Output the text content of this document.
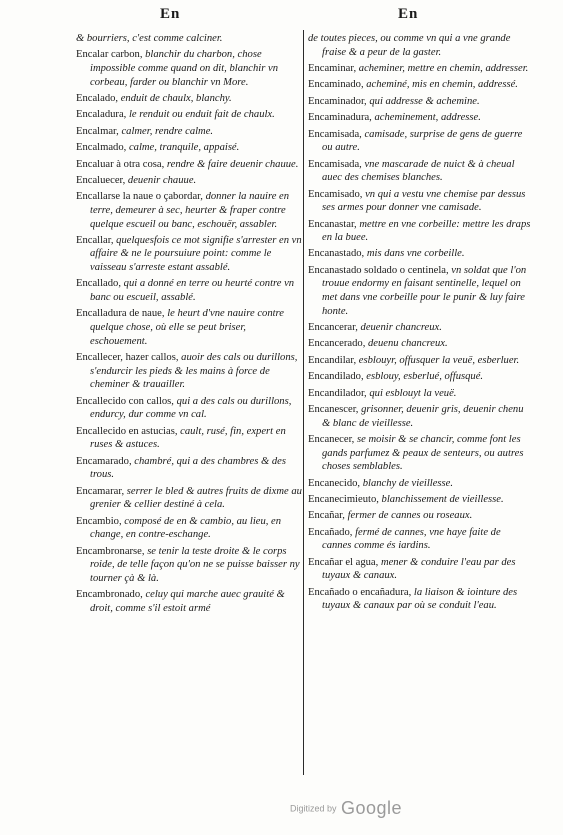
En	En

& bourriers, c'est comme calciner.

Encalar carbon, blanchir du charbon, chose impossible comme quand on dit, blanchir vn corbeau, farder ou blanchir vn More.

Encalado, enduit de chaulx, blanchy.

Encaladura, le renduit ou enduit fait de chaulx.

Encalmar, calmer, rendre calme.

Encalmado, calme, tranquile, appaisé.

Encaluar à otra cosa, rendre & faire deuenir chauue.

Encaluecer, deuenir chauue.

Encallarse la naue o çabordar, donner la nauire en terre, demeurer à sec, heurter & fraper contre quelque escueil ou banc, eschouër, assabler.

Encallar, quelquesfois ce mot signifie s'arrester en vn affaire & ne le poursuiure point: comme le vaisseau s'arreste estant assablé.

Encallado, qui a donné en terre ou heurté contre vn banc ou escueil, assablé.

Encalladura de naue, le heurt d'vne nauire contre quelque chose, où elle se peut briser, eschouement.

Encallecer, hazer callos, auoir des cals ou durillons, s'endurcir les pieds & les mains à force de cheminer & trauailler.

Encallecido con callos, qui a des cals ou durillons, endurcy, dur comme vn cal.

Encallecido en astucias, cault, rusé, fin, expert en ruses & astuces.

Encamarado, chambré, qui a des chambres & des trous.

Encamarar, serrer le bled & autres fruits de dixme au grenier & cellier destiné à cela.

Encambio, composé de en & cambio, au lieu, en change, en contre-eschange.

Encambronarse, se tenir la teste droite & le corps roide, de telle façon qu'on ne se puisse baisser ny tourner çà & là.

Encambronado, celuy qui marche auec grauité & droit, comme s'il estoit armé

de toutes pieces, ou comme vn qui a vne grande fraise & a peur de la gaster.

Encaminar, acheminer, mettre en chemin, addresser.

Encaminado, acheminé, mis en chemin, addressé.

Encaminador, qui addresse & achemine.

Encaminadura, acheminement, addresse.

Encamisada, camisade, surprise de gens de guerre ou autre.

Encamisada, vne mascarade de nuict & à cheual auec des chemises blanches.

Encamisado, vn qui a vestu vne chemise par dessus ses armes pour donner vne camisade.

Encanastar, mettre en vne corbeille: mettre les draps en la buee.

Encanastado, mis dans vne corbeille.

Encanastado soldado o centinela, vn soldat que l'on trouue endormy en faisant sentinelle, lequel on met dans vne corbeille pour le punir & luy faire honte.

Encancerar, deuenir chancreux.

Encancerado, deuenu chancreux.

Encandilar, esblouyr, offusquer la veuë, esberluer.

Encandilado, esblouy, esberlué, offusqué.

Encandilador, qui esblouyt la veuë.

Encanescer, grisonner, deuenir gris, deuenir chenu & blanc de vieillesse.

Encanecer, se moisir & se chancir, comme font les gands parfumez & peaux de senteurs, ou autres choses semblables.

Encanecido, blanchy de vieillesse.

Encanecimieuto, blanchissement de vieillesse.

Encañar, fermer de cannes ou roseaux.

Encañado, fermé de cannes, vne haye faite de cannes comme és iardins.

Encañar el agua, mener & conduire l'eau par des tuyaux & canaux.

Encañado o encañadura, la liaison & iointure des tuyaux & canaux par où se conduit l'eau.

Digitized by Google
